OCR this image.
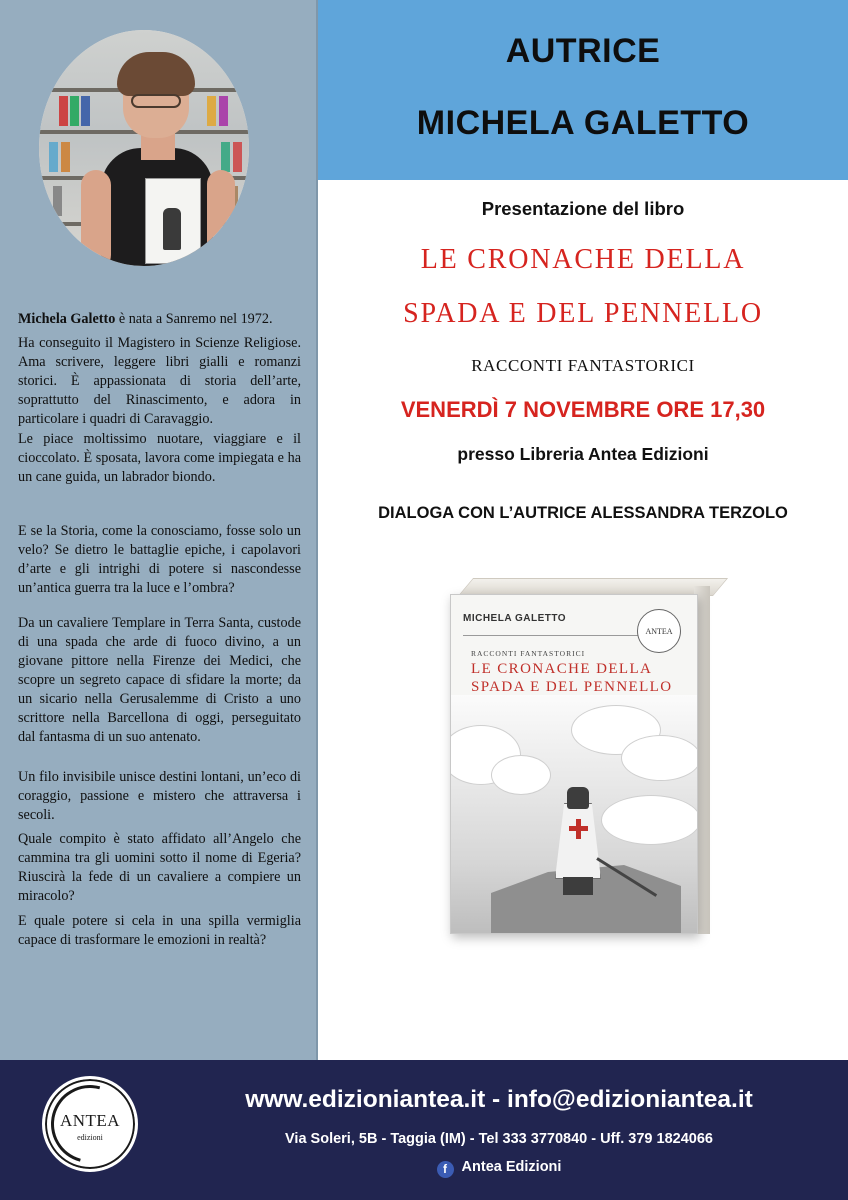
Michela Galetto è nata a Sanremo nel 1972.
Ha conseguito il Magistero in Scienze Religiose. Ama scrivere, leggere libri gialli e romanzi storici. È appassionata di storia dell’arte, soprattutto del Rinascimento, e adora in particolare i quadri di Caravaggio.
Le piace moltissimo nuotare, viaggiare e il cioccolato. È sposata, lavora come impiegata e ha un cane guida, un labrador biondo.
E se la Storia, come la conosciamo, fosse solo un velo? Se dietro le battaglie epiche, i capolavori d’arte e gli intrighi di potere si nascondesse un’antica guerra tra la luce e l’ombra?
Da un cavaliere Templare in Terra Santa, custode di una spada che arde di fuoco divino, a un giovane pittore nella Firenze dei Medici, che scopre un segreto capace di sfidare la morte; da un sicario nella Gerusalemme di Cristo a uno scrittore nella Barcellona di oggi, perseguitato dal fantasma di un suo antenato.
Un filo invisibile unisce destini lontani, un’eco di coraggio, passione e mistero che attraversa i secoli.
Quale compito è stato affidato all’Angelo che cammina tra gli uomini sotto il nome di Egeria? Riuscirà la fede di un cavaliere a compiere un miracolo?
E quale potere si cela in una spilla vermiglia capace di trasformare le emozioni in realtà?
AUTRICE
MICHELA GALETTO
Presentazione del libro
LE CRONACHE DELLA
SPADA E DEL PENNELLO
RACCONTI FANTASTORICI
VENERDÌ 7 NOVEMBRE ORE 17,30
presso Libreria Antea Edizioni
DIALOGA CON L’AUTRICE ALESSANDRA TERZOLO
MICHELA GALETTO
ANTEA
RACCONTI FANTASTORICI
LE CRONACHE DELLA
SPADA E DEL PENNELLO
ANTEA
edizioni
www.edizioniantea.it - info@edizioniantea.it
Via Soleri, 5B - Taggia (IM) - Tel 333 3770840 - Uff. 379 1824066
f Antea Edizioni
